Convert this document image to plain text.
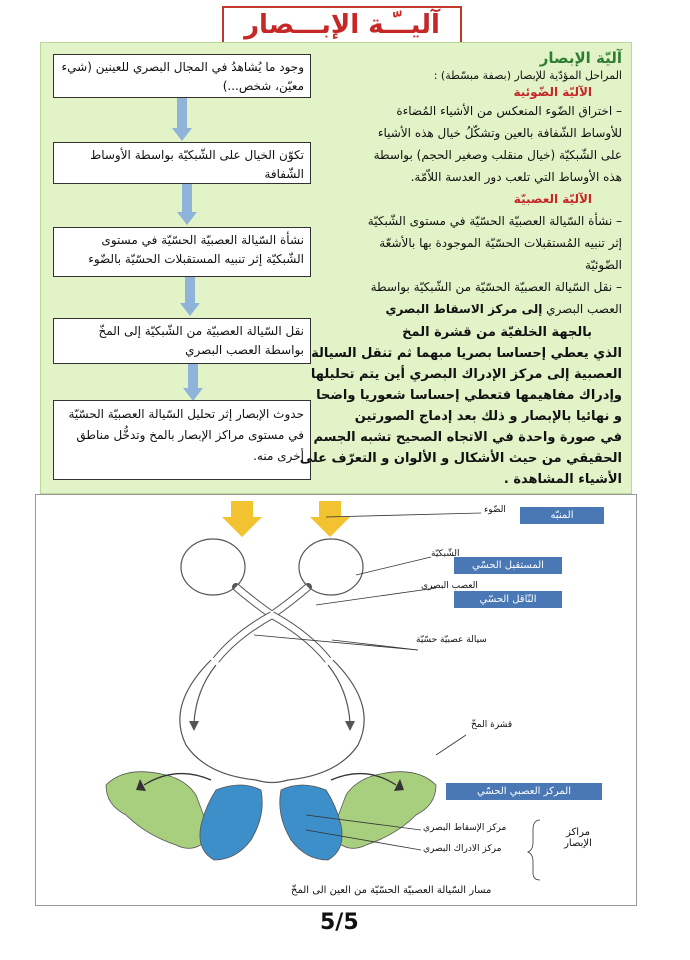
آليــّـة الإبـــصار
وجود ما يُشاهدُ في المجال البصري للعينين (شيء معيّن، شخص...)
تكوّن الخيال على الشّبكيّة بواسطة الأوساط الشّفافة
نشأة السّيالة العصبيّة الحسّيّة في مستوى الشّبكيّة إثر تنبيه المستقبلات الحسّيّة بالضّوء
نقل السّيالة العصبيّة من الشّبكيّة إلى المخّ بواسطة العصب البصري
حدوث الإبصار إثر تحليل السّيالة العصبيّة الحسّيّة في مستوى مراكز الإبصار بالمخ وتدخُّل مناطق أخرى منه.
آليّة الإبصار
المراحل المؤدّية للإبصار (بصفة مبسّطة) :
الآليّة الضّوئية
– اختراق الضّوء المنعكس من الأشياء المُضاءة
للأوساط الشّفافة بالعين وتشكّلُ خيال هذه الأشياء
على الشّبكيّة (خيال منقلب وصغير الحجم) بواسطة
هذه الأوساط التي تلعب دور العدسة اللاّمّة.
الآليّة العصبيّة
– نشأة السّيالة العصبيّة الحسّيّة في مستوى الشّبكيّة
إثر تنبيه المُستقبلات الحسّيّة الموجودة بها بالأشعّة
الضّوئيّة
– نقل السّيالة العصبيّة الحسّيّة من الشّبكيّة بواسطة
العصب البصري إلى مركز الاسقاط البصري
بالجهة الخلفيّة من قشرة المخ
الذي يعطي إحساسا بصريا مبهما ثم تنقل السيالة
العصبية إلى مركز الإدراك البصري أين يتم تحليلها
وإدراك مفاهيمها فتعطي إحساسا شعوريا واضحا
و نهائيا بالإبصار و ذلك بعد إدماج الصورتين
في صورة واحدة في الاتجاه الصحيح تشبه الجسم
الحقيقي من حيث الأشكال و الألوان و التعرّف على
الأشياء المشاهدة .
المنبّه
المستقبل الحسّي
النّاقل الحسّي
المركز العصبي الحسّي
الضّوء
الشّبكيّة
العصب البصري
سيالة عصبيّة حسّيّة
قشرة المخّ
مركز الإسقاط البصري
مركز الادراك البصري
مراكز الإبصار
مسار السّيالة العصبيّة الحسّيّة من العين الى المخّ
5/5
